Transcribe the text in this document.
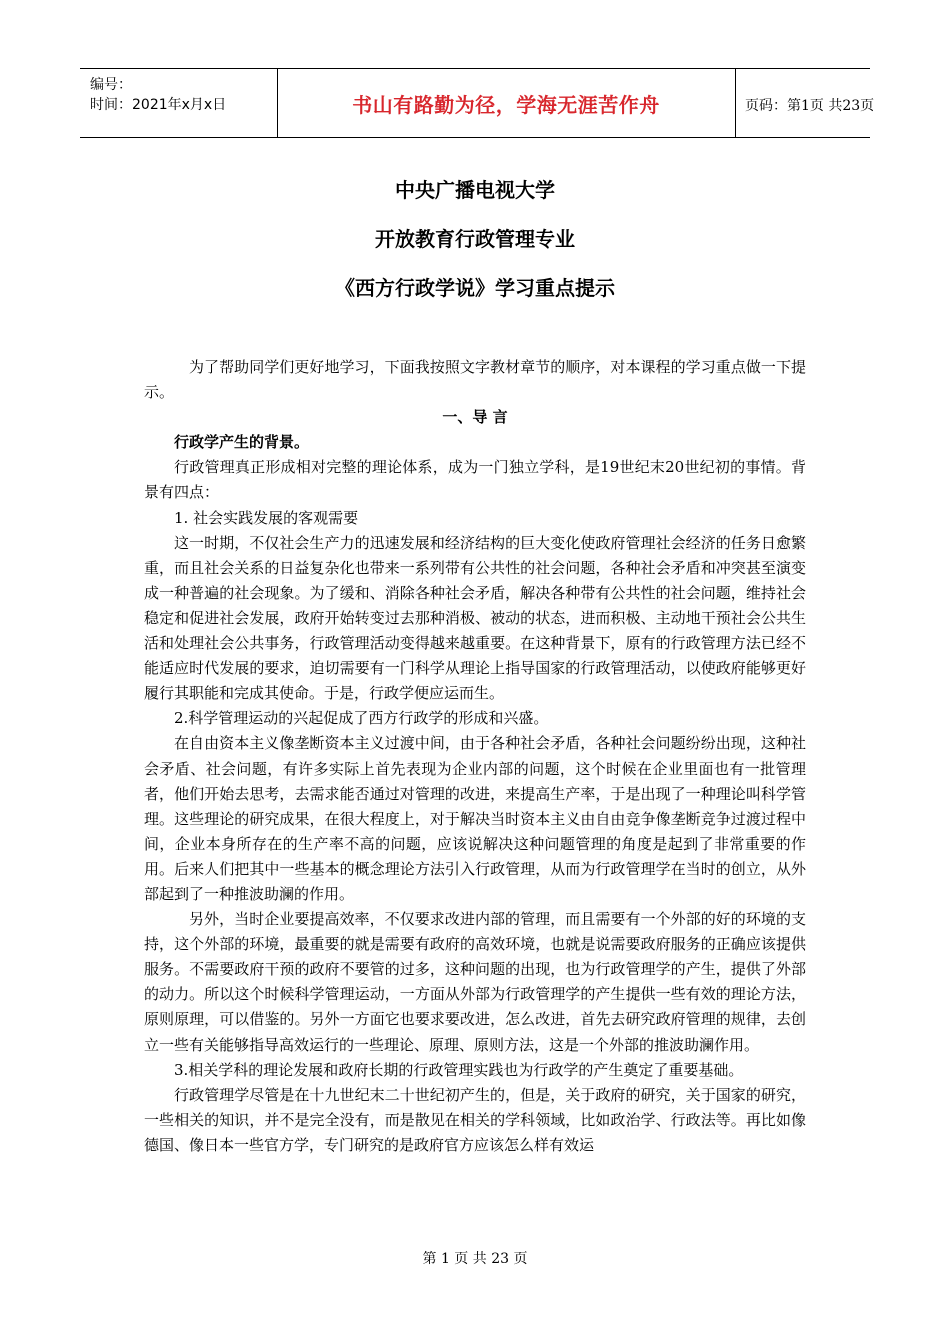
编号：
时间：2021年x月x日	书山有路勤为径，学海无涯苦作舟	页码：第1页 共23页
中央广播电视大学
开放教育行政管理专业
《西方行政学说》学习重点提示

为了帮助同学们更好地学习，下面我按照文字教材章节的顺序，对本课程的学习重点做一下提示。

一、导 言

行政学产生的背景。

行政管理真正形成相对完整的理论体系，成为一门独立学科，是19世纪末20世纪初的事情。背景有四点：

1. 社会实践发展的客观需要

这一时期，不仅社会生产力的迅速发展和经济结构的巨大变化使政府管理社会经济的任务日愈繁重，而且社会关系的日益复杂化也带来一系列带有公共性的社会问题，各种社会矛盾和冲突甚至演变成一种普遍的社会现象。为了缓和、消除各种社会矛盾，解决各种带有公共性的社会问题，维持社会稳定和促进社会发展，政府开始转变过去那种消极、被动的状态，进而积极、主动地干预社会公共生活和处理社会公共事务，行政管理活动变得越来越重要。在这种背景下，原有的行政管理方法已经不能适应时代发展的要求，迫切需要有一门科学从理论上指导国家的行政管理活动，以使政府能够更好履行其职能和完成其使命。于是，行政学便应运而生。

2.科学管理运动的兴起促成了西方行政学的形成和兴盛。

在自由资本主义像垄断资本主义过渡中间，由于各种社会矛盾，各种社会问题纷纷出现，这种社会矛盾、社会问题，有许多实际上首先表现为企业内部的问题，这个时候在企业里面也有一批管理者，他们开始去思考，去需求能否通过对管理的改进，来提高生产率，于是出现了一种理论叫科学管理。这些理论的研究成果，在很大程度上，对于解决当时资本主义由自由竞争像垄断竞争过渡过程中间，企业本身所存在的生产率不高的问题，应该说解决这种问题管理的角度是起到了非常重要的作用。后来人们把其中一些基本的概念理论方法引入行政管理，从而为行政管理学在当时的创立，从外部起到了一种推波助澜的作用。

另外，当时企业要提高效率，不仅要求改进内部的管理，而且需要有一个外部的好的环境的支持，这个外部的环境，最重要的就是需要有政府的高效环境，也就是说需要政府服务的正确应该提供服务。不需要政府干预的政府不要管的过多，这种问题的出现，也为行政管理学的产生，提供了外部的动力。所以这个时候科学管理运动，一方面从外部为行政管理学的产生提供一些有效的理论方法，原则原理，可以借鉴的。另外一方面它也要求要改进，怎么改进，首先去研究政府管理的规律，去创立一些有关能够指导高效运行的一些理论、原理、原则方法，这是一个外部的推波助澜作用。

3.相关学科的理论发展和政府长期的行政管理实践也为行政学的产生奠定了重要基础。

行政管理学尽管是在十九世纪末二十世纪初产生的，但是，关于政府的研究，关于国家的研究，一些相关的知识，并不是完全没有，而是散见在相关的学科领域，比如政治学、行政法等。再比如像德国、像日本一些官方学，专门研究的是政府官方应该怎么样有效运

第 1 页 共 23 页
